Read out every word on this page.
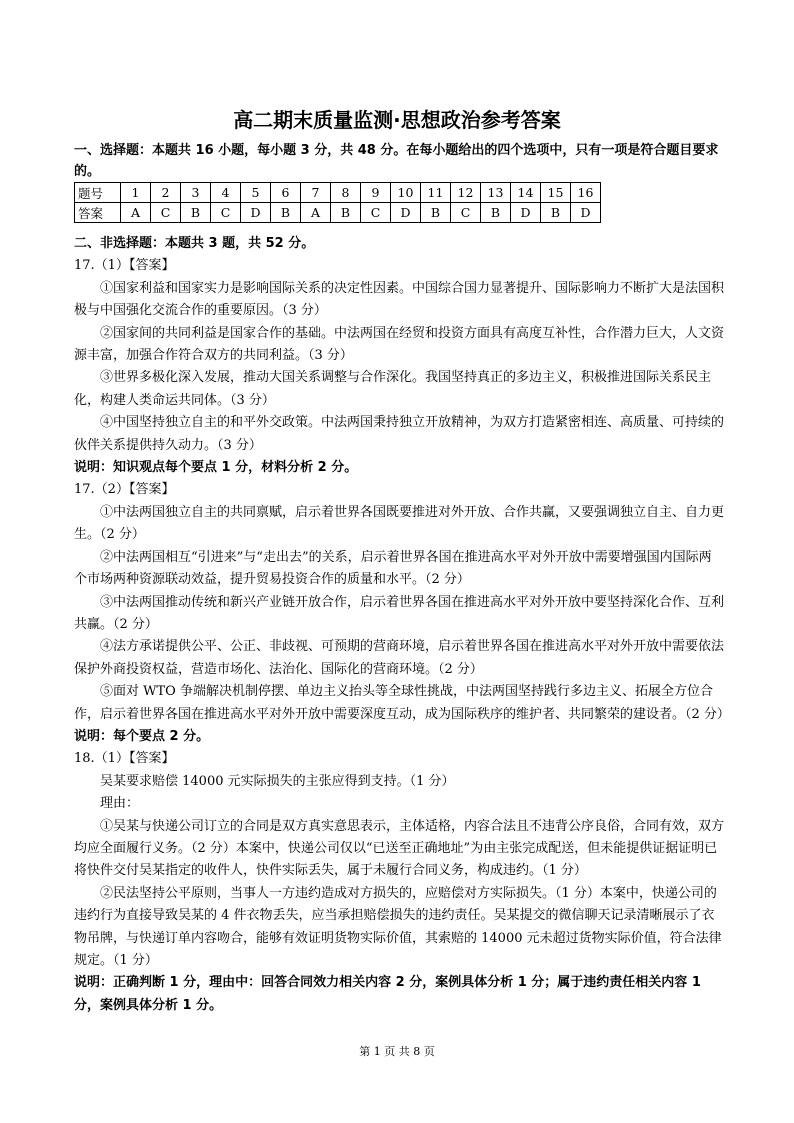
高二期末质量监测·思想政治参考答案
一、选择题：本题共 16 小题，每小题 3 分，共 48 分。在每小题给出的四个选项中，只有一项是符合题目要求的。
题号	1	2	3	4	5	6	7	8	9	10	11	12	13	14	15	16
答案	A	C	B	C	D	B	A	B	C	D	B	C	B	D	B	D

二、非选择题：本题共 3 题，共 52 分。

17.（1）【答案】

①国家利益和国家实力是影响国际关系的决定性因素。中国综合国力显著提升、国际影响力不断扩大是法国积极与中国强化交流合作的重要原因。（3 分）

②国家间的共同利益是国家合作的基础。中法两国在经贸和投资方面具有高度互补性，合作潜力巨大，人文资源丰富，加强合作符合双方的共同利益。（3 分）

③世界多极化深入发展，推动大国关系调整与合作深化。我国坚持真正的多边主义，积极推进国际关系民主化，构建人类命运共同体。（3 分）

④中国坚持独立自主的和平外交政策。中法两国秉持独立开放精神，为双方打造紧密相连、高质量、可持续的伙伴关系提供持久动力。（3 分）

说明：知识观点每个要点 1 分，材料分析 2 分。

17.（2）【答案】

①中法两国独立自主的共同禀赋，启示着世界各国既要推进对外开放、合作共赢，又要强调独立自主、自力更生。（2 分）

②中法两国相互“引进来”与“走出去”的关系，启示着世界各国在推进高水平对外开放中需要增强国内国际两个市场两种资源联动效益，提升贸易投资合作的质量和水平。（2 分）

③中法两国推动传统和新兴产业链开放合作，启示着世界各国在推进高水平对外开放中要坚持深化合作、互利共赢。（2 分）

④法方承诺提供公平、公正、非歧视、可预期的营商环境，启示着世界各国在推进高水平对外开放中需要依法保护外商投资权益，营造市场化、法治化、国际化的营商环境。（2 分）

⑤面对 WTO 争端解决机制停摆、单边主义抬头等全球性挑战，中法两国坚持践行多边主义、拓展全方位合作，启示着世界各国在推进高水平对外开放中需要深度互动，成为国际秩序的维护者、共同繁荣的建设者。（2 分）

说明：每个要点 2 分。

18.（1）【答案】

吴某要求赔偿 14000 元实际损失的主张应得到支持。（1 分）

理由：

①吴某与快递公司订立的合同是双方真实意思表示，主体适格，内容合法且不违背公序良俗，合同有效，双方均应全面履行义务。（2 分）本案中，快递公司仅以“已送至正确地址”为由主张完成配送，但未能提供证据证明已将快件交付吴某指定的收件人，快件实际丢失，属于未履行合同义务，构成违约。（1 分）

②民法坚持公平原则，当事人一方违约造成对方损失的，应赔偿对方实际损失。（1 分）本案中，快递公司的违约行为直接导致吴某的 4 件衣物丢失，应当承担赔偿损失的违约责任。吴某提交的微信聊天记录清晰展示了衣物吊牌，与快递订单内容吻合，能够有效证明货物实际价值，其索赔的 14000 元未超过货物实际价值，符合法律规定。（1 分）

说明：正确判断 1 分，理由中：回答合同效力相关内容 2 分，案例具体分析 1 分；属于违约责任相关内容 1 分，案例具体分析 1 分。

第 1 页 共 8 页
